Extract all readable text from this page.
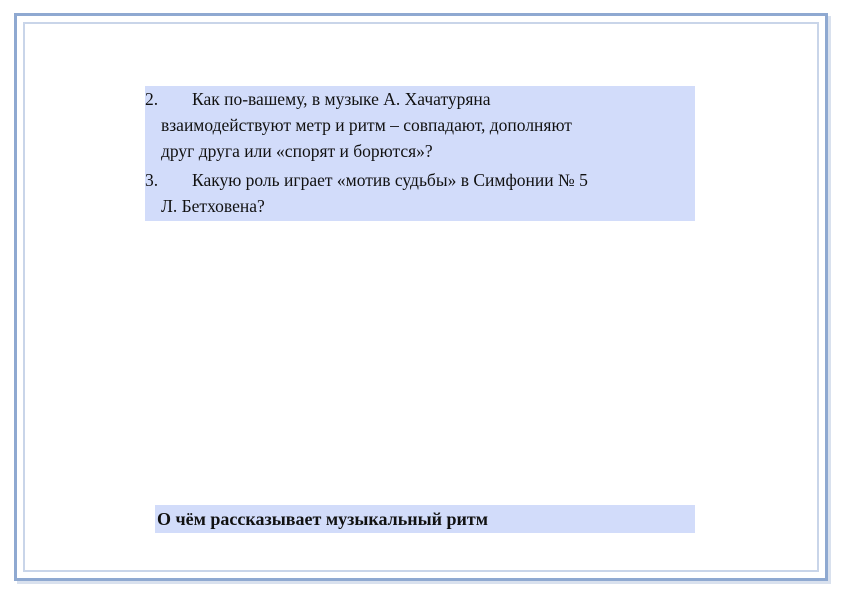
2.	Как по-вашему, в музыке А. Хачатуряна
взаимодействуют метр и ритм – совпадают, дополняют
друг друга или «спорят и борются»?

3.	Какую роль играет «мотив судьбы» в Симфонии № 5
Л. Бетховена?

О чём рассказывает музыкальный ритм
